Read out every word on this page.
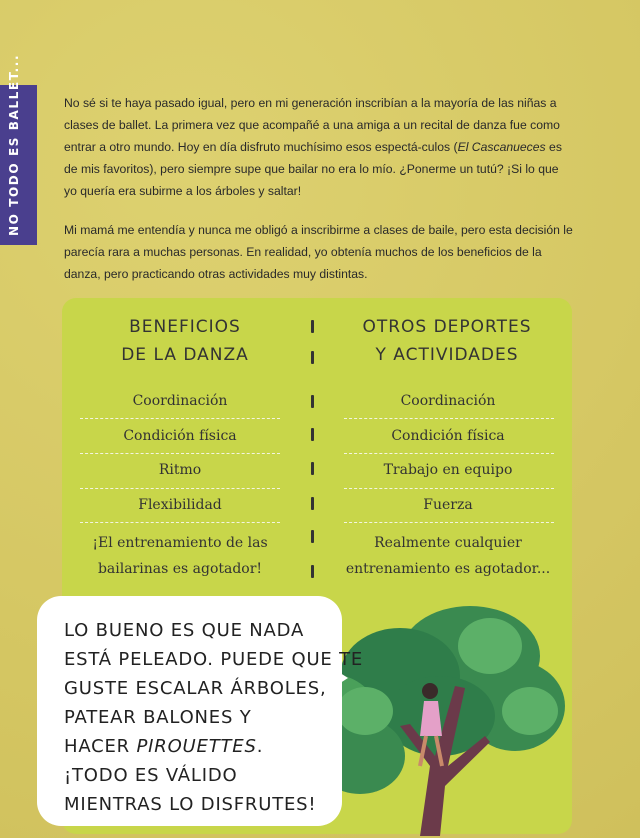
NO TODO ES BALLET...	No sé si te haya pasado igual, pero en mi generación inscribían a la mayoría de las niñas a clases de ballet. La primera vez que acompañé a una amiga a un recital de danza fue como entrar a otro mundo. Hoy en día disfruto muchísimo esos espectá-culos (El Cascanueces es de mis favoritos), pero siempre supe que bailar no era lo mío. ¿Ponerme un tutú? ¡Si lo que yo quería era subirme a los árboles y saltar!
Mi mamá me entendía y nunca me obligó a inscribirme a clases de baile, pero esta decisión le parecía rara a muchas personas. En realidad, yo obtenía muchos de los beneficios de la danza, pero practicando otras actividades muy distintas.
BENEFICIOS
DE LA DANZA
OTROS DEPORTES
Y ACTIVIDADES
Coordinación
Condición física
Ritmo
Flexibilidad
¡El entrenamiento de las
bailarinas es agotador!
Coordinación
Condición física
Trabajo en equipo
Fuerza
Realmente cualquier
entrenamiento es agotador...
LO BUENO ES QUE NADA
ESTÁ PELEADO. PUEDE QUE TE
GUSTE ESCALAR ÁRBOLES,
PATEAR BALONES Y
HACER PIROUETTES.
¡TODO ES VÁLIDO
MIENTRAS LO DISFRUTES!
